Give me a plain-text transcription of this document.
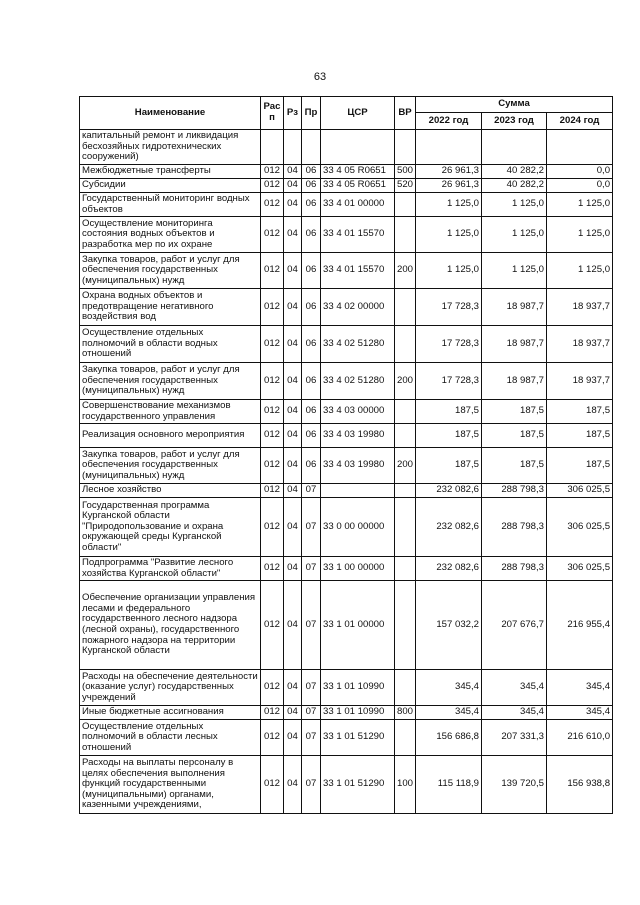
63
Наименование	Рас п	Рз	Пр	ЦСР	ВР	Сумма		
						2022 год	2023 год	2024 год
капитальный ремонт и ликвидация бесхозяйных гидротехнических сооружений)								
Межбюджетные трансферты	012	04	06	33 4 05 R0651	500	26 961,3	40 282,2	0,0
Субсидии	012	04	06	33 4 05 R0651	520	26 961,3	40 282,2	0,0
Государственный мониторинг водных объектов	012	04	06	33 4 01 00000		1 125,0	1 125,0	1 125,0
Осуществление мониторинга состояния водных объектов и разработка мер по их охране	012	04	06	33 4 01 15570		1 125,0	1 125,0	1 125,0
Закупка товаров, работ и услуг для обеспечения государственных (муниципальных) нужд	012	04	06	33 4 01 15570	200	1 125,0	1 125,0	1 125,0
Охрана водных объектов и предотвращение негативного воздействия вод	012	04	06	33 4 02 00000		17 728,3	18 987,7	18 937,7
Осуществление отдельных полномочий в области водных отношений	012	04	06	33 4 02 51280		17 728,3	18 987,7	18 937,7
Закупка товаров, работ и услуг для обеспечения государственных (муниципальных) нужд	012	04	06	33 4 02 51280	200	17 728,3	18 987,7	18 937,7
Совершенствование механизмов государственного управления	012	04	06	33 4 03 00000		187,5	187,5	187,5
Реализация основного мероприятия	012	04	06	33 4 03 19980		187,5	187,5	187,5
Закупка товаров, работ и услуг для обеспечения государственных (муниципальных) нужд	012	04	06	33 4 03 19980	200	187,5	187,5	187,5
Лесное хозяйство	012	04	07			232 082,6	288 798,3	306 025,5
Государственная программа Курганской области "Природопользование и охрана окружающей среды Курганской области"	012	04	07	33 0 00 00000		232 082,6	288 798,3	306 025,5
Подпрограмма "Развитие лесного хозяйства Курганской области"	012	04	07	33 1 00 00000		232 082,6	288 798,3	306 025,5
Обеспечение организации управления лесами и федерального государственного лесного надзора (лесной охраны), государственного пожарного надзора на территории Курганской области	012	04	07	33 1 01 00000		157 032,2	207 676,7	216 955,4
Расходы на обеспечение деятельности (оказание услуг) государственных учреждений	012	04	07	33 1 01 10990		345,4	345,4	345,4
Иные бюджетные ассигнования	012	04	07	33 1 01 10990	800	345,4	345,4	345,4
Осуществление отдельных полномочий в области лесных отношений	012	04	07	33 1 01 51290		156 686,8	207 331,3	216 610,0
Расходы на выплаты персоналу в целях обеспечения выполнения функций государственными (муниципальными) органами, казенными учреждениями,	012	04	07	33 1 01 51290	100	115 118,9	139 720,5	156 938,8
